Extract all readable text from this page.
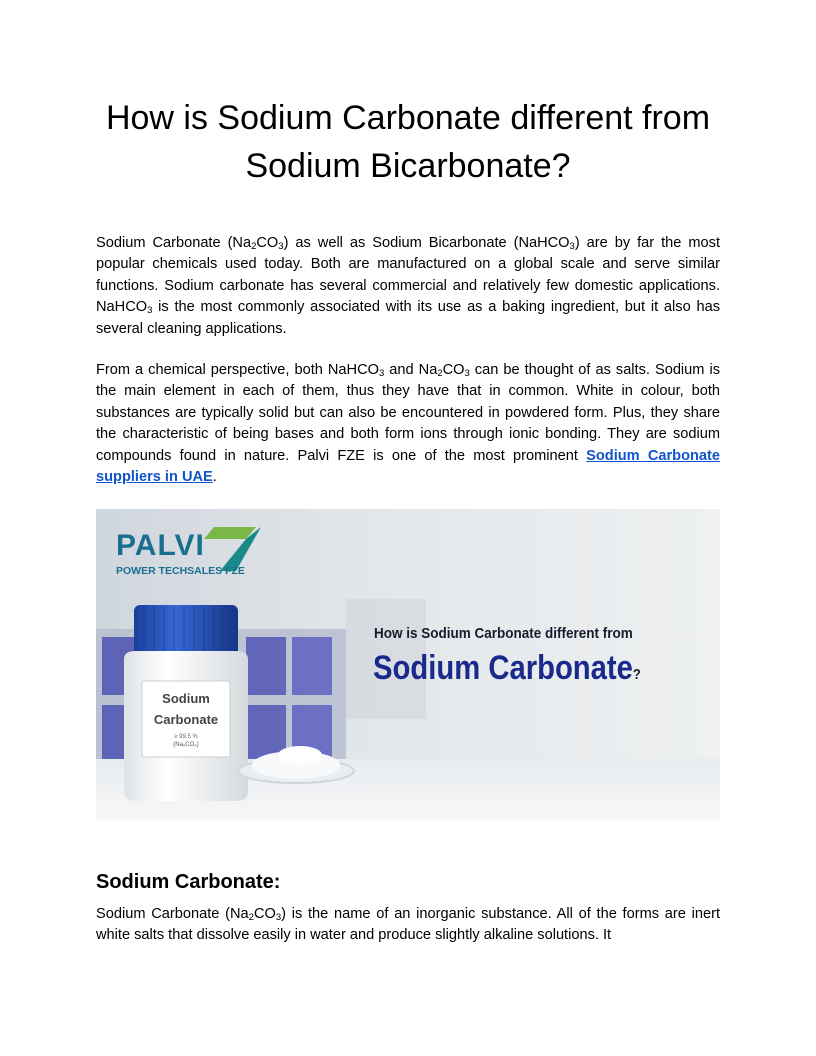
How is Sodium Carbonate different from Sodium Bicarbonate?

Sodium Carbonate $(Na_2CO_3)$ as well as Sodium Bicarbonate (NaHCO$_3$) are by far the most popular chemicals used today. Both are manufactured on a global scale and serve similar functions. Sodium carbonate has several commercial and relatively few domestic applications. NaHCO$_3$ is the most commonly associated with its use as a baking ingredient, but it also has several cleaning applications.

From a chemical perspective, both NaHCO$_3$ and $Na_2CO_3$ can be thought of as salts. Sodium is the main element in each of them, thus they have that in common. White in colour, both substances are typically solid but can also be encountered in powdered form. Plus, they share the characteristic of being bases and both form ions through ionic bonding. They are sodium compounds found in nature. Palvi FZE is one of the most prominent Sodium Carbonate suppliers in UAE.

PALVI
POWER TECHSALES FZE
Sodium
Carbonate
≥ 99.5 %
(Na₂CO₃)
How is Sodium Carbonate different from
Sodium Carbonate?
Sodium Carbonate:

Sodium Carbonate $(Na_2CO_3)$ is the name of an inorganic substance. All of the forms are inert white salts that dissolve easily in water and produce slightly alkaline solutions. It
